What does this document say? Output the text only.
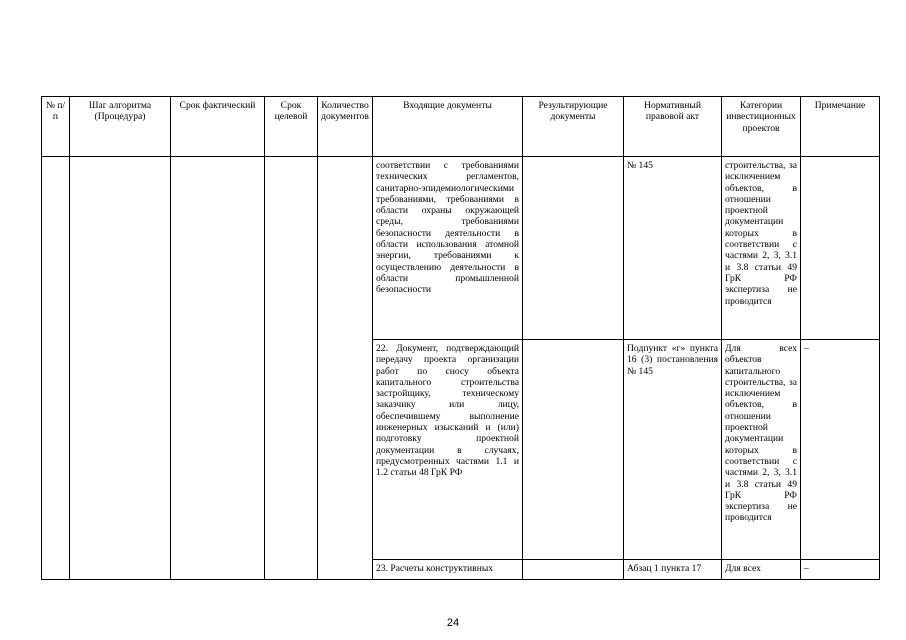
№ п/п	Шаг алгоритма (Процедура)	Срок фактический	Срок целевой	Количество документов	Входящие документы	Результирующие документы	Нормативный правовой акт	Категории инвестиционных проектов	Примечание
					соответствии с требованиями технических регламентов, санитарно-эпидемиологическими требованиями, требованиями в области охраны окружающей среды, требованиями безопасности деятельности в области использования атомной энергии, требованиями к осуществлению деятельности в области промышленной безопасности		№ 145	строительства, за исключением объектов, в отношении проектной документации которых в соответствии с частями 2, 3, 3.1 и 3.8 статьи 49 ГрК РФ экспертиза не проводится	
					22. Документ, подтверждающий передачу проекта организации работ по сносу объекта капитального строительства застройщику, техническому заказчику или лицу, обеспечившему выполнение инженерных изысканий и (или) подготовку проектной документации в случаях, предусмотренных частями 1.1 и 1.2 статьи 48 ГрК РФ		Подпункт «г» пункта 16 (3) постановления № 145	Для всех объектов капитального строительства, за исключением объектов, в отношении проектной документации которых в соответствии с частями 2, 3, 3.1 и 3.8 статьи 49 ГрК РФ экспертиза не проводится	–
					23. Расчеты конструктивных		Абзац 1 пункта 17	Для всех	–
24
